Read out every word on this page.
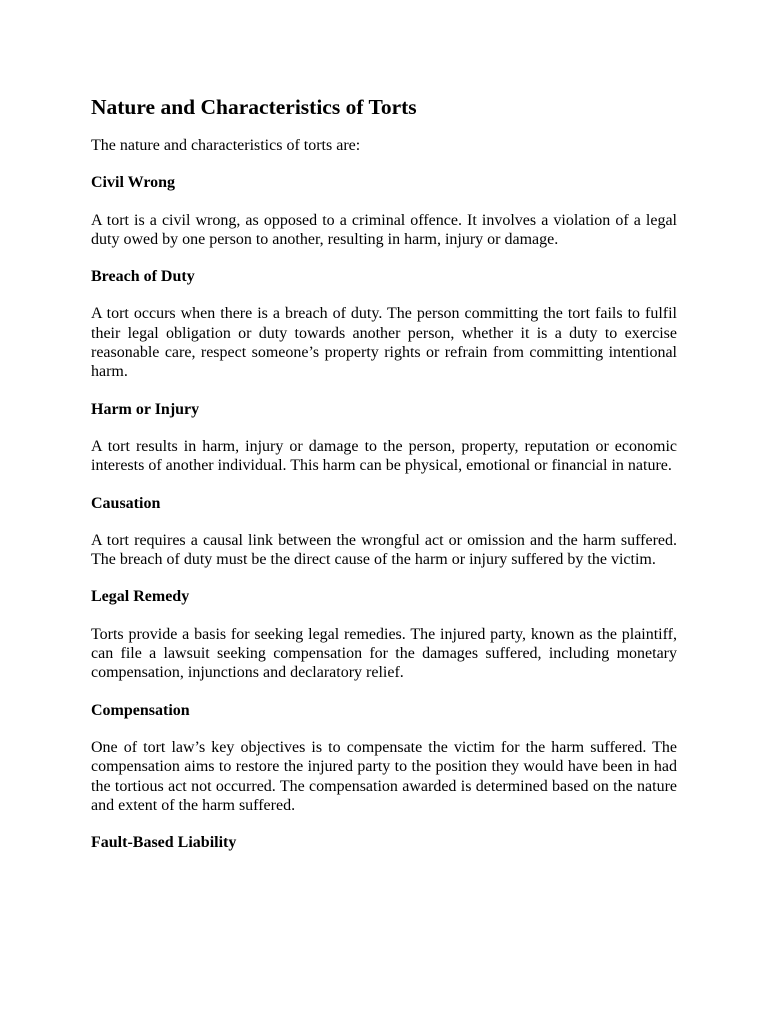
Nature and Characteristics of Torts

The nature and characteristics of torts are:

Civil Wrong

A tort is a civil wrong, as opposed to a criminal offence. It involves a violation of a legal duty owed by one person to another, resulting in harm, injury or damage.

Breach of Duty

A tort occurs when there is a breach of duty. The person committing the tort fails to fulfil their legal obligation or duty towards another person, whether it is a duty to exercise reasonable care, respect someone’s property rights or refrain from committing intentional harm.

Harm or Injury

A tort results in harm, injury or damage to the person, property, reputation or economic interests of another individual. This harm can be physical, emotional or financial in nature.

Causation

A tort requires a causal link between the wrongful act or omission and the harm suffered. The breach of duty must be the direct cause of the harm or injury suffered by the victim.

Legal Remedy

Torts provide a basis for seeking legal remedies. The injured party, known as the plaintiff, can file a lawsuit seeking compensation for the damages suffered, including monetary compensation, injunctions and declaratory relief.

Compensation

One of tort law’s key objectives is to compensate the victim for the harm suffered. The compensation aims to restore the injured party to the position they would have been in had the tortious act not occurred. The compensation awarded is determined based on the nature and extent of the harm suffered.

Fault-Based Liability
